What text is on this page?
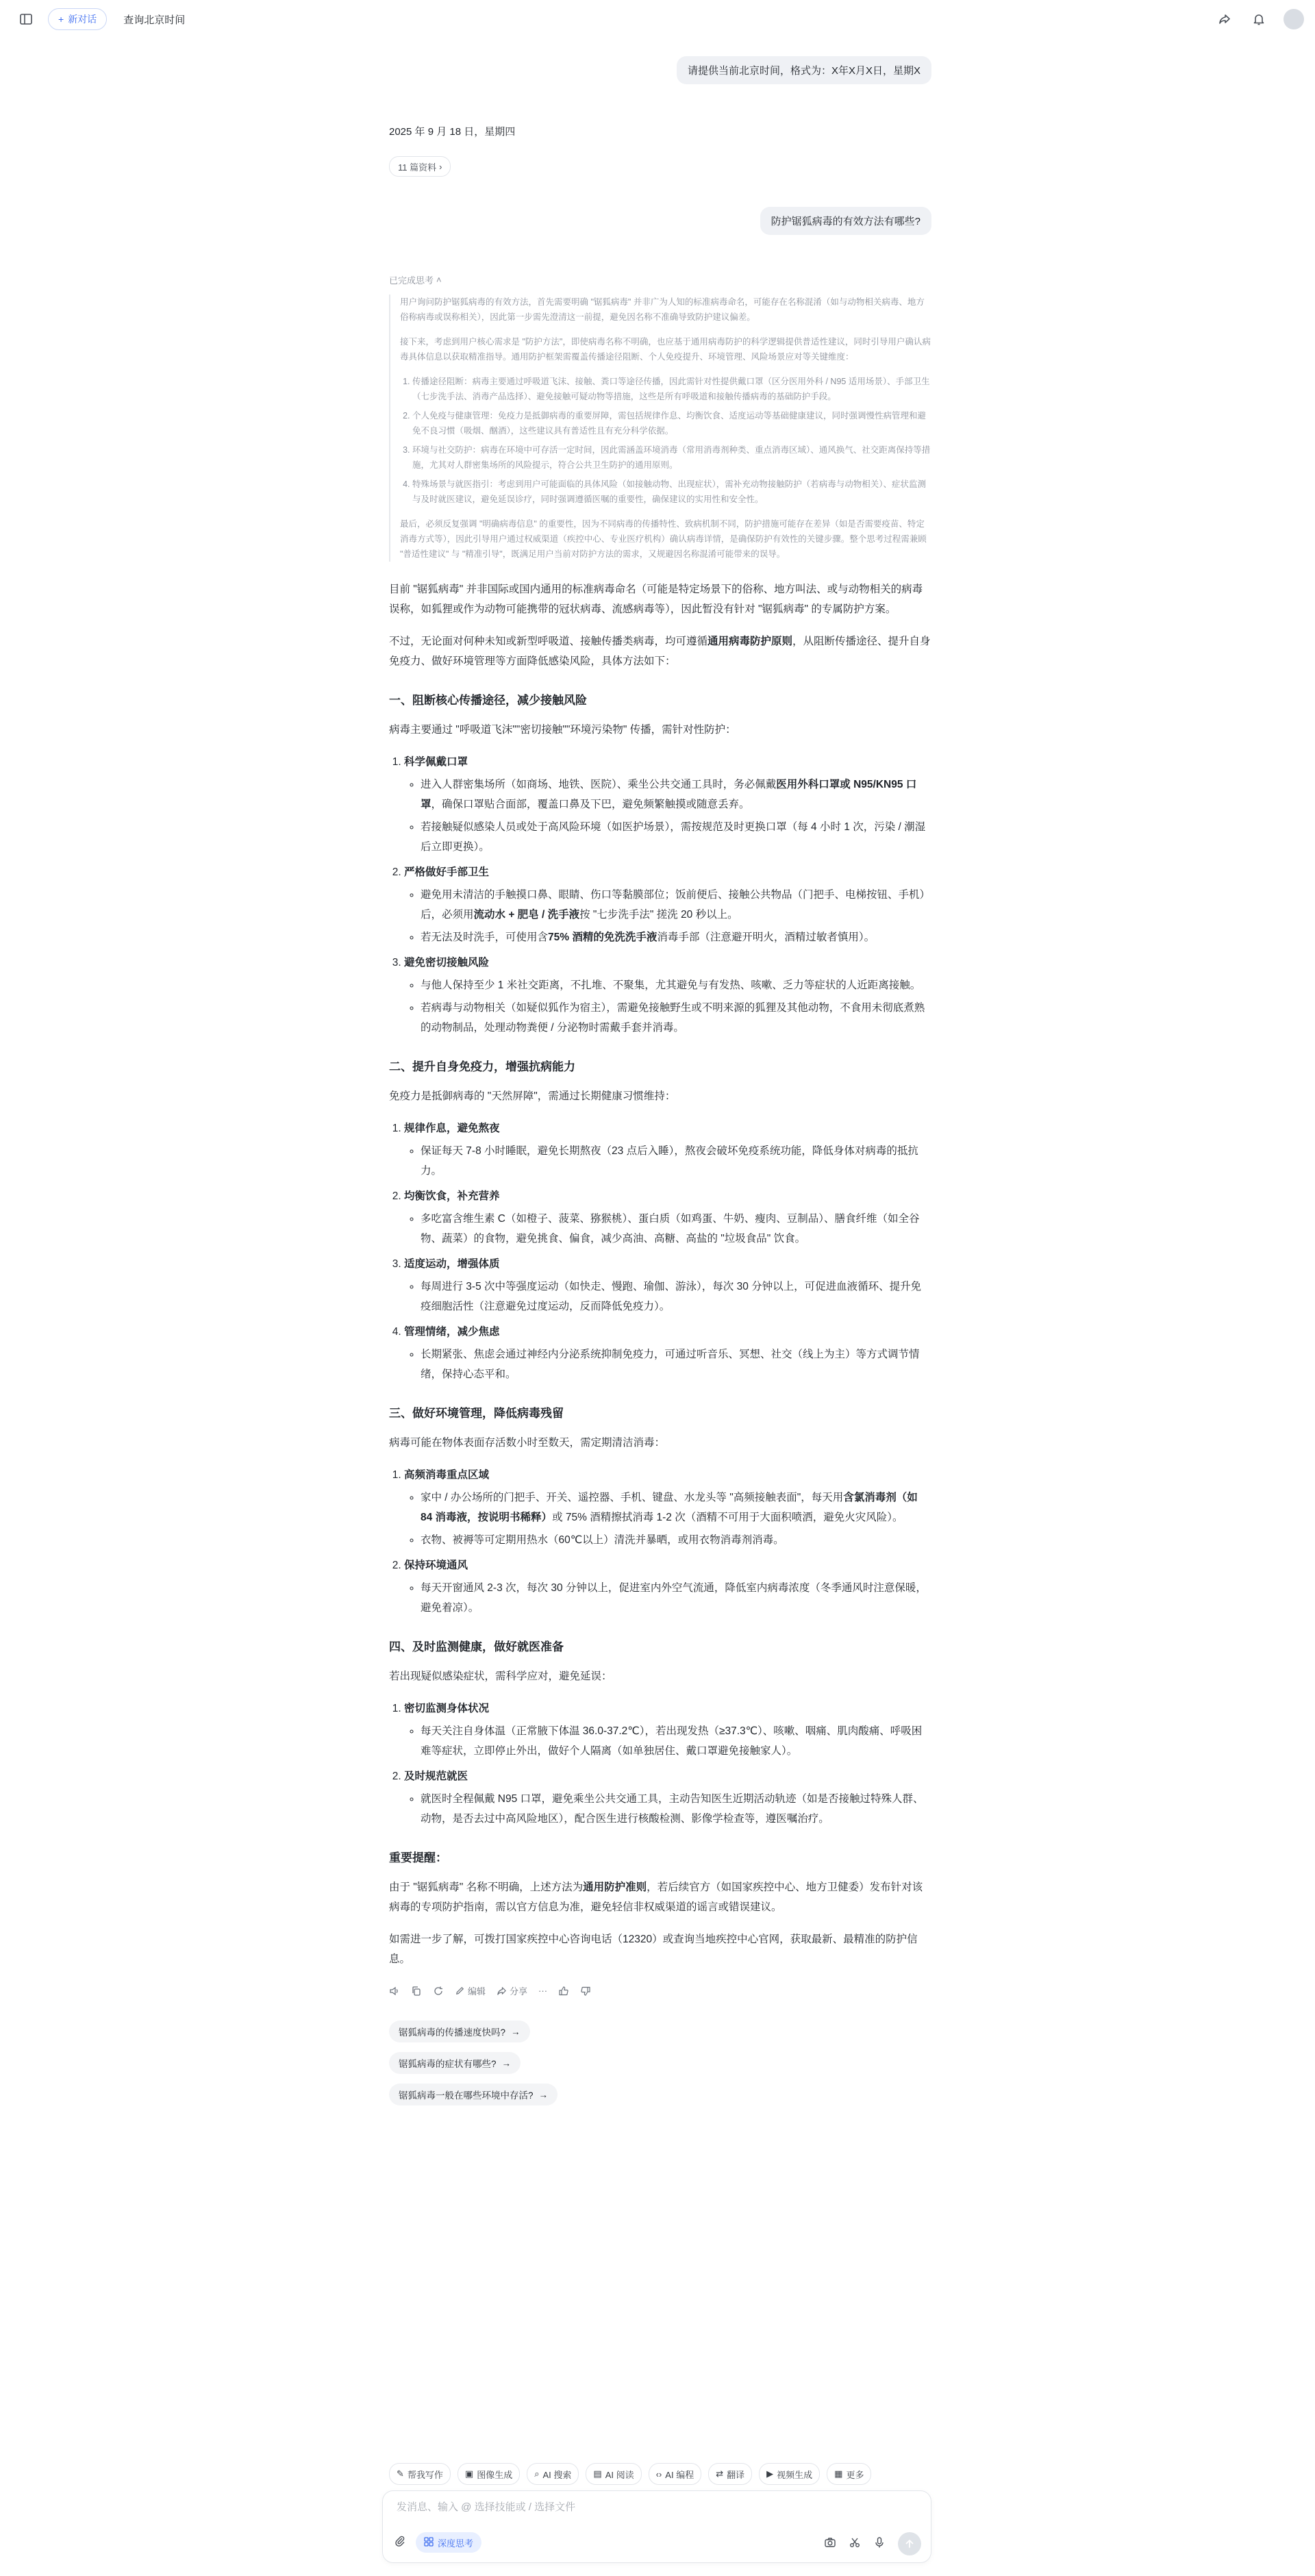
+ 新对话	查询北京时间
请提供当前北京时间，格式为：X年X月X日，星期X
2025 年 9 月 18 日，星期四
11 篇资料 ›
防护锯狐病毒的有效方法有哪些?
已完成思考 ˄

用户询问防护锯狐病毒的有效方法，首先需要明确 "锯狐病毒" 并非广为人知的标准病毒命名，可能存在名称混淆（如与动物相关病毒、地方俗称病毒或误称相关），因此第一步需先澄清这一前提，避免因名称不准确导致防护建议偏差。

接下来，考虑到用户核心需求是 "防护方法"，即使病毒名称不明确，也应基于通用病毒防护的科学逻辑提供普适性建议，同时引导用户确认病毒具体信息以获取精准指导。通用防护框架需覆盖传播途径阻断、个人免疫提升、环境管理、风险场景应对等关键维度：

1. 传播途径阻断：病毒主要通过呼吸道飞沫、接触、粪口等途径传播，因此需针对性提供戴口罩（区分医用外科 / N95 适用场景）、手部卫生（七步洗手法、消毒产品选择）、避免接触可疑动物等措施，这些是所有呼吸道和接触传播病毒的基础防护手段。
2. 个人免疫与健康管理：免疫力是抵御病毒的重要屏障，需包括规律作息、均衡饮食、适度运动等基础健康建议，同时强调慢性病管理和避免不良习惯（吸烟、酗酒），这些建议具有普适性且有充分科学依据。
3. 环境与社交防护：病毒在环境中可存活一定时间，因此需涵盖环境消毒（常用消毒剂种类、重点消毒区域）、通风换气、社交距离保持等措施，尤其对人群密集场所的风险提示，符合公共卫生防护的通用原则。
4. 特殊场景与就医指引：考虑到用户可能面临的具体风险（如接触动物、出现症状），需补充动物接触防护（若病毒与动物相关）、症状监测与及时就医建议，避免延误诊疗，同时强调遵循医嘱的重要性，确保建议的实用性和安全性。

最后，必须反复强调 "明确病毒信息" 的重要性，因为不同病毒的传播特性、致病机制不同，防护措施可能存在差异（如是否需要疫苗、特定消毒方式等），因此引导用户通过权威渠道（疾控中心、专业医疗机构）确认病毒详情，是确保防护有效性的关键步骤。整个思考过程需兼顾 "普适性建议" 与 "精准引导"，既满足用户当前对防护方法的需求，又规避因名称混淆可能带来的误导。

目前 "锯狐病毒" 并非国际或国内通用的标准病毒命名（可能是特定场景下的俗称、地方叫法、或与动物相关的病毒误称，如狐狸或作为动物可能携带的冠状病毒、流感病毒等），因此暂没有针对 "锯狐病毒" 的专属防护方案。

不过，无论面对何种未知或新型呼吸道、接触传播类病毒，均可遵循通用病毒防护原则，从阻断传播途径、提升自身免疫力、做好环境管理等方面降低感染风险，具体方法如下：

一、阻断核心传播途径，减少接触风险

病毒主要通过 "呼吸道飞沫""密切接触""环境污染物" 传播，需针对性防护：

1. 科学佩戴口罩
◦ 进入人群密集场所（如商场、地铁、医院）、乘坐公共交通工具时，务必佩戴医用外科口罩或 N95/KN95 口罩，确保口罩贴合面部，覆盖口鼻及下巴，避免频繁触摸或随意丢弃。
◦ 若接触疑似感染人员或处于高风险环境（如医护场景），需按规范及时更换口罩（每 4 小时 1 次，污染 / 潮湿后立即更换）。
2. 严格做好手部卫生
◦ 避免用未清洁的手触摸口鼻、眼睛、伤口等黏膜部位；饭前便后、接触公共物品（门把手、电梯按钮、手机）后，必须用流动水 + 肥皂 / 洗手液按 "七步洗手法" 搓洗 20 秒以上。
◦ 若无法及时洗手，可使用含75% 酒精的免洗洗手液消毒手部（注意避开明火，酒精过敏者慎用）。
3. 避免密切接触风险
◦ 与他人保持至少 1 米社交距离，不扎堆、不聚集，尤其避免与有发热、咳嗽、乏力等症状的人近距离接触。
◦ 若病毒与动物相关（如疑似狐作为宿主），需避免接触野生或不明来源的狐狸及其他动物，不食用未彻底煮熟的动物制品，处理动物粪便 / 分泌物时需戴手套并消毒。
二、提升自身免疫力，增强抗病能力

免疫力是抵御病毒的 "天然屏障"，需通过长期健康习惯维持：

1. 规律作息，避免熬夜
◦ 保证每天 7-8 小时睡眠，避免长期熬夜（23 点后入睡），熬夜会破坏免疫系统功能，降低身体对病毒的抵抗力。
2. 均衡饮食，补充营养
◦ 多吃富含维生素 C（如橙子、菠菜、猕猴桃）、蛋白质（如鸡蛋、牛奶、瘦肉、豆制品）、膳食纤维（如全谷物、蔬菜）的食物，避免挑食、偏食，减少高油、高糖、高盐的 "垃圾食品" 饮食。
3. 适度运动，增强体质
◦ 每周进行 3-5 次中等强度运动（如快走、慢跑、瑜伽、游泳），每次 30 分钟以上，可促进血液循环、提升免疫细胞活性（注意避免过度运动，反而降低免疫力）。
4. 管理情绪，减少焦虑
◦ 长期紧张、焦虑会通过神经内分泌系统抑制免疫力，可通过听音乐、冥想、社交（线上为主）等方式调节情绪，保持心态平和。
三、做好环境管理，降低病毒残留

病毒可能在物体表面存活数小时至数天，需定期清洁消毒：

1. 高频消毒重点区域
◦ 家中 / 办公场所的门把手、开关、遥控器、手机、键盘、水龙头等 "高频接触表面"，每天用含氯消毒剂（如 84 消毒液，按说明书稀释）或 75% 酒精擦拭消毒 1-2 次（酒精不可用于大面积喷洒，避免火灾风险）。
◦ 衣物、被褥等可定期用热水（60℃以上）清洗并暴晒，或用衣物消毒剂消毒。
2. 保持环境通风
◦ 每天开窗通风 2-3 次，每次 30 分钟以上，促进室内外空气流通，降低室内病毒浓度（冬季通风时注意保暖，避免着凉）。
四、及时监测健康，做好就医准备

若出现疑似感染症状，需科学应对，避免延误：

1. 密切监测身体状况
◦ 每天关注自身体温（正常腋下体温 36.0-37.2℃），若出现发热（≥37.3℃）、咳嗽、咽痛、肌肉酸痛、呼吸困难等症状，立即停止外出，做好个人隔离（如单独居住、戴口罩避免接触家人）。
2. 及时规范就医
◦ 就医时全程佩戴 N95 口罩，避免乘坐公共交通工具，主动告知医生近期活动轨迹（如是否接触过特殊人群、动物，是否去过中高风险地区），配合医生进行核酸检测、影像学检查等，遵医嘱治疗。
重要提醒：

由于 "锯狐病毒" 名称不明确，上述方法为通用防护准则，若后续官方（如国家疾控中心、地方卫健委）发布针对该病毒的专项防护指南，需以官方信息为准，避免轻信非权威渠道的谣言或错误建议。

如需进一步了解，可拨打国家疾控中心咨询电话（12320）或查询当地疾控中心官网，获取最新、最精准的防护信息。

编辑	分享 ···
锯狐病毒的传播速度快吗? →
锯狐病毒的症状有哪些? →
锯狐病毒一般在哪些环境中存活? →
✎ 帮我写作 ▣ 图像生成 ⌕ AI 搜索 ▤ AI 阅读 ‹› AI 编程 ⇄ 翻译 ▶ 视频生成 ▦ 更多
发消息、输入 @ 选择技能或 / 选择文件
深度思考
